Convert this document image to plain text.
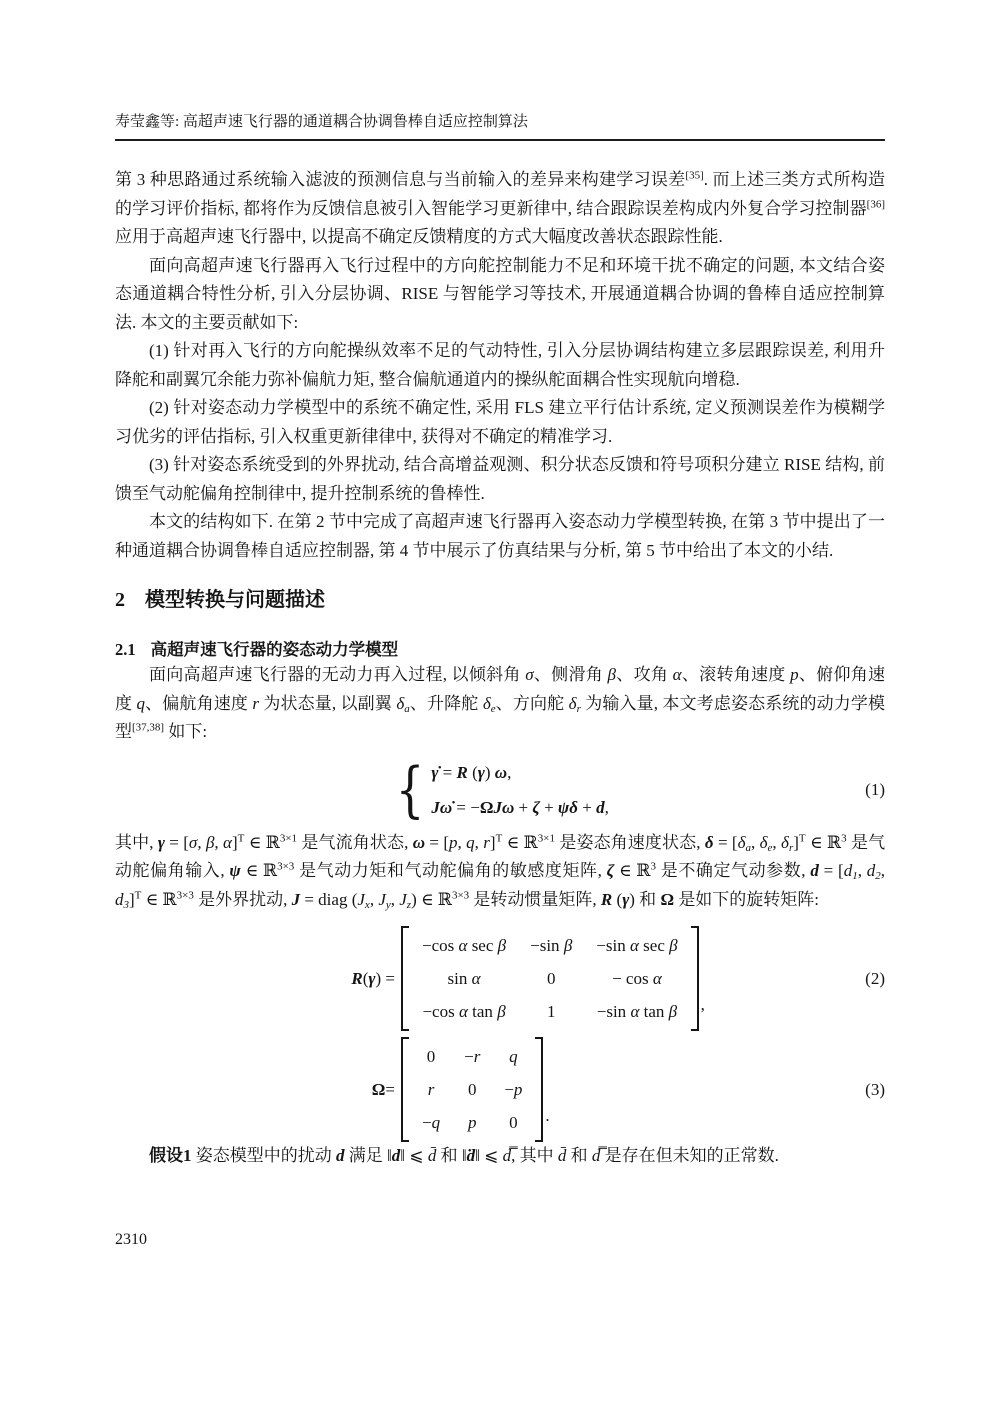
寿莹鑫等: 高超声速飞行器的通道耦合协调鲁棒自适应控制算法

第 3 种思路通过系统输入滤波的预测信息与当前输入的差异来构建学习误差[35]. 而上述三类方式所构造的学习评价指标, 都将作为反馈信息被引入智能学习更新律中, 结合跟踪误差构成内外复合学习控制器[36] 应用于高超声速飞行器中, 以提高不确定反馈精度的方式大幅度改善状态跟踪性能.

面向高超声速飞行器再入飞行过程中的方向舵控制能力不足和环境干扰不确定的问题, 本文结合姿态通道耦合特性分析, 引入分层协调、RISE 与智能学习等技术, 开展通道耦合协调的鲁棒自适应控制算法. 本文的主要贡献如下:

(1) 针对再入飞行的方向舵操纵效率不足的气动特性, 引入分层协调结构建立多层跟踪误差, 利用升降舵和副翼冗余能力弥补偏航力矩, 整合偏航通道内的操纵舵面耦合性实现航向增稳.

(2) 针对姿态动力学模型中的系统不确定性, 采用 FLS 建立平行估计系统, 定义预测误差作为模糊学习优劣的评估指标, 引入权重更新律律中, 获得对不确定的精准学习.

(3) 针对姿态系统受到的外界扰动, 结合高增益观测、积分状态反馈和符号项积分建立 RISE 结构, 前馈至气动舵偏角控制律中, 提升控制系统的鲁棒性.

本文的结构如下. 在第 2 节中完成了高超声速飞行器再入姿态动力学模型转换, 在第 3 节中提出了一种通道耦合协调鲁棒自适应控制器, 第 4 节中展示了仿真结果与分析, 第 5 节中给出了本文的小结.

2 模型转换与问题描述
2.1 高超声速飞行器的姿态动力学模型

面向高超声速飞行器的无动力再入过程, 以倾斜角 σ、侧滑角 β、攻角 α、滚转角速度 p、俯仰角速度 q、偏航角速度 r 为状态量, 以副翼 $\delta_a$、升降舵 $\delta_e$、方向舵 $\delta_r$ 为输入量, 本文考虑姿态系统的动力学模型[37,38] 如下:

{ γ̇ = R (γ) ω,
Jω̇ = −ΩJω + ζ + ψδ + d,
(1)

其中, γ = [σ, β, α]$^T$ ∈ ℝ$^{3\times 1}$ 是气流角状态, ω = [p, q, r]$^T$ ∈ ℝ$^{3\times 1}$ 是姿态角速度状态, $\delta = [\delta_a$, $\delta_e$, $\delta_r]^T$ ∈ ℝ$^3$ 是气动舵偏角输入, ψ ∈ ℝ$^{3\times 3}$ 是气动力矩和气动舵偏角的敏感度矩阵, ζ ∈ ℝ$^3$ 是不确定气动参数, $d = [d_1$, $d_2$, $d_3]^T$ ∈ ℝ$^{3\times 3}$ 是外界扰动, J = diag ($J_x$, $J_y$, $J_z$) ∈ ℝ$^{3\times 3}$ 是转动惯量矩阵, R (γ) 和 Ω 是如下的旋转矩阵:

R ( γ ) =
−cos α sec β −sin β −sin α sec β
sin α	0	− cos α
−cos α tan β 1 −sin α tan β ,
(2)
Ω =
0 −r q
r 0 −p
−q p 0 .
(3)

假设1 姿态模型中的扰动 d 满足 ‖d‖ ⩽ d̄ 和 ‖ḋ‖ ⩽ d̿, 其中 d̄ 和 d̿ 是存在但未知的正常数.

2310
